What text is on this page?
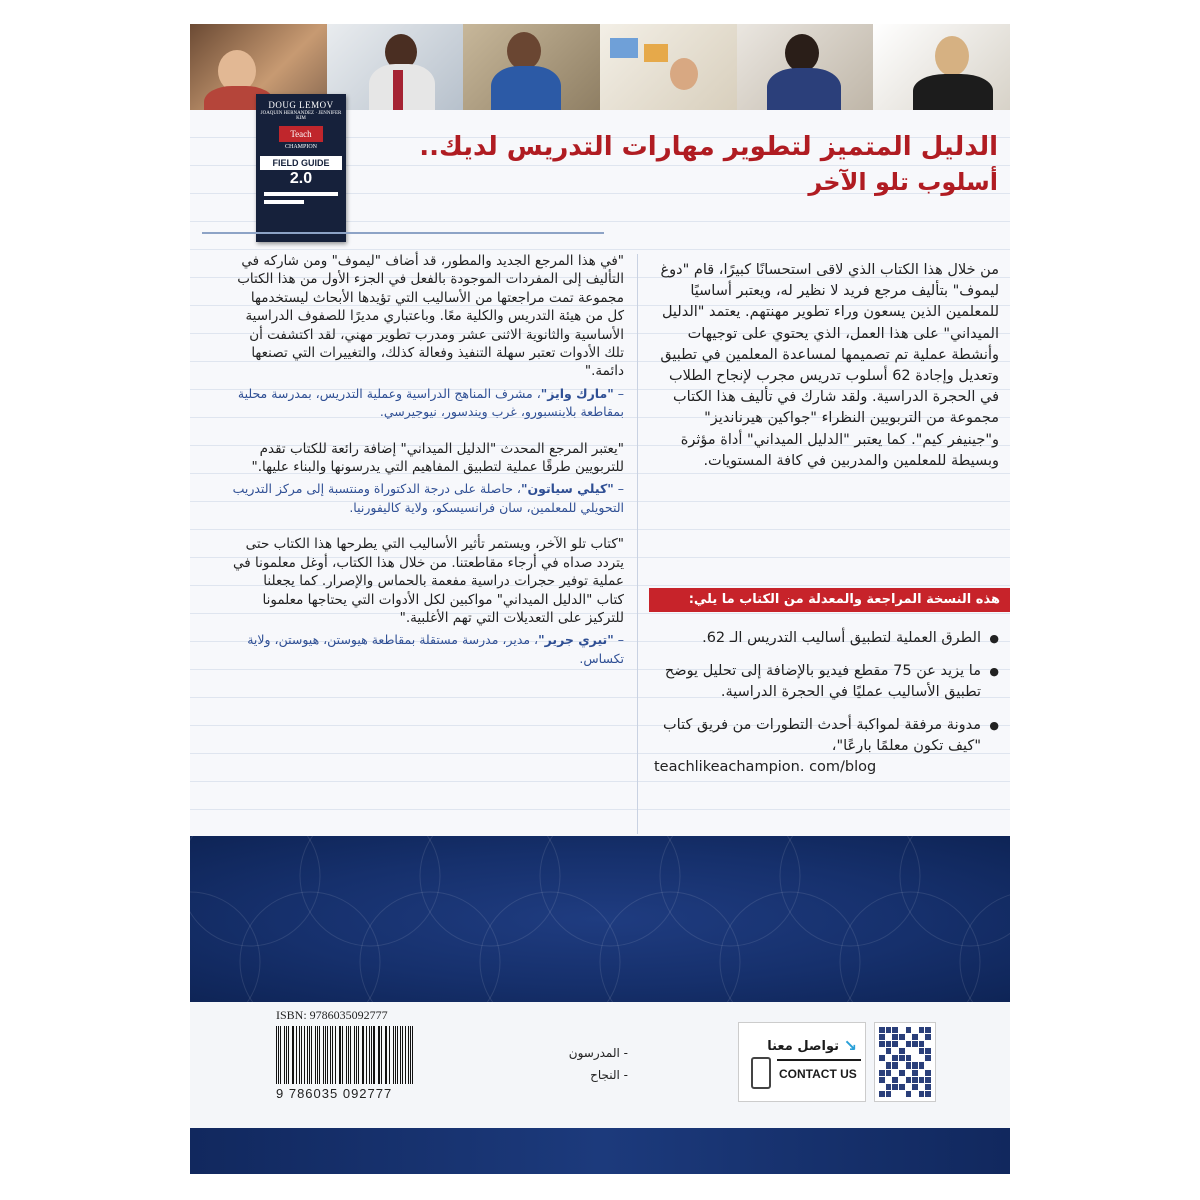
DOUG LEMOV
JOAQUIN HERNANDEZ · JENNIFER KIM
Teach
CHAMPION
FIELD GUIDE
2.0
الدليل المتميز لتطوير مهارات التدريس لديك..
أسلوب تلو الآخر
من خلال هذا الكتاب الذي لاقى استحسانًا كبيرًا، قام "دوغ ليموف" بتأليف مرجع فريد لا نظير له، ويعتبر أساسيًا للمعلمين الذين يسعون وراء تطوير مهنتهم. يعتمد "الدليل الميداني" على هذا العمل، الذي يحتوي على توجيهات وأنشطة عملية تم تصميمها لمساعدة المعلمين في تطبيق وتعديل وإجادة 62 أسلوب تدريس مجرب لإنجاح الطلاب في الحجرة الدراسية. ولقد شارك في تأليف هذا الكتاب مجموعة من التربويين النظراء "جواكين هيرنانديز" و"جينيفر كيم". كما يعتبر "الدليل الميداني" أداة مؤثرة وبسيطة للمعلمين والمدربين في كافة المستويات.
هذه النسخة المراجعة والمعدلة من الكتاب ما يلي:
● الطرق العملية لتطبيق أساليب التدريس الـ 62.
● ما يزيد عن 75 مقطع فيديو بالإضافة إلى تحليل يوضح تطبيق الأساليب عمليًا في الحجرة الدراسية.
● مدونة مرفقة لمواكبة أحدث التطورات من فريق كتاب "كيف تكون معلمًا بارعًا"،
teachlikeachampion. com/blog
"في هذا المرجع الجديد والمطور، قد أضاف "ليموف" ومن شاركه في التأليف إلى المفردات الموجودة بالفعل في الجزء الأول من هذا الكتاب مجموعة تمت مراجعتها من الأساليب التي تؤيدها الأبحاث ليستخدمها كل من هيئة التدريس والكلية معًا. وباعتباري مديرًا للصفوف الدراسية الأساسية والثانوية الاثنى عشر ومدرب تطوير مهني، لقد اكتشفت أن تلك الأدوات تعتبر سهلة التنفيذ وفعالة كذلك، والتغييرات التي تصنعها دائمة."
– "مارك وايز"، مشرف المناهج الدراسية وعملية التدريس، بمدرسة محلية بمقاطعة بلاينسبورو، غرب ويندسور، نيوجيرسي.
"يعتبر المرجع المحدث "الدليل الميداني" إضافة رائعة للكتاب تقدم للتربويين طرقًا عملية لتطبيق المفاهيم التي يدرسونها والبناء عليها."
– "كيلي سياتون"، حاصلة على درجة الدكتوراة ومنتسبة إلى مركز التدريب التحويلي للمعلمين، سان فرانسيسكو، ولاية كاليفورنيا.
"كتاب تلو الآخر، ويستمر تأثير الأساليب التي يطرحها هذا الكتاب حتى يتردد صداه في أرجاء مقاطعتنا. من خلال هذا الكتاب، أوغل معلمونا في عملية توفير حجرات دراسية مفعمة بالحماس والإصرار. كما يجعلنا كتاب "الدليل الميداني" مواكبين لكل الأدوات التي يحتاجها معلمونا للتركيز على التعديلات التي تهم الأغلبية."
– "تيري جرير"، مدير، مدرسة مستقلة بمقاطعة هيوستن، هيوستن، ولاية تكساس.
ISBN: 9786035092777
9 786035 092777
- المدرسون
- النجاح
↘
تواصل معنا
CONTACT US
